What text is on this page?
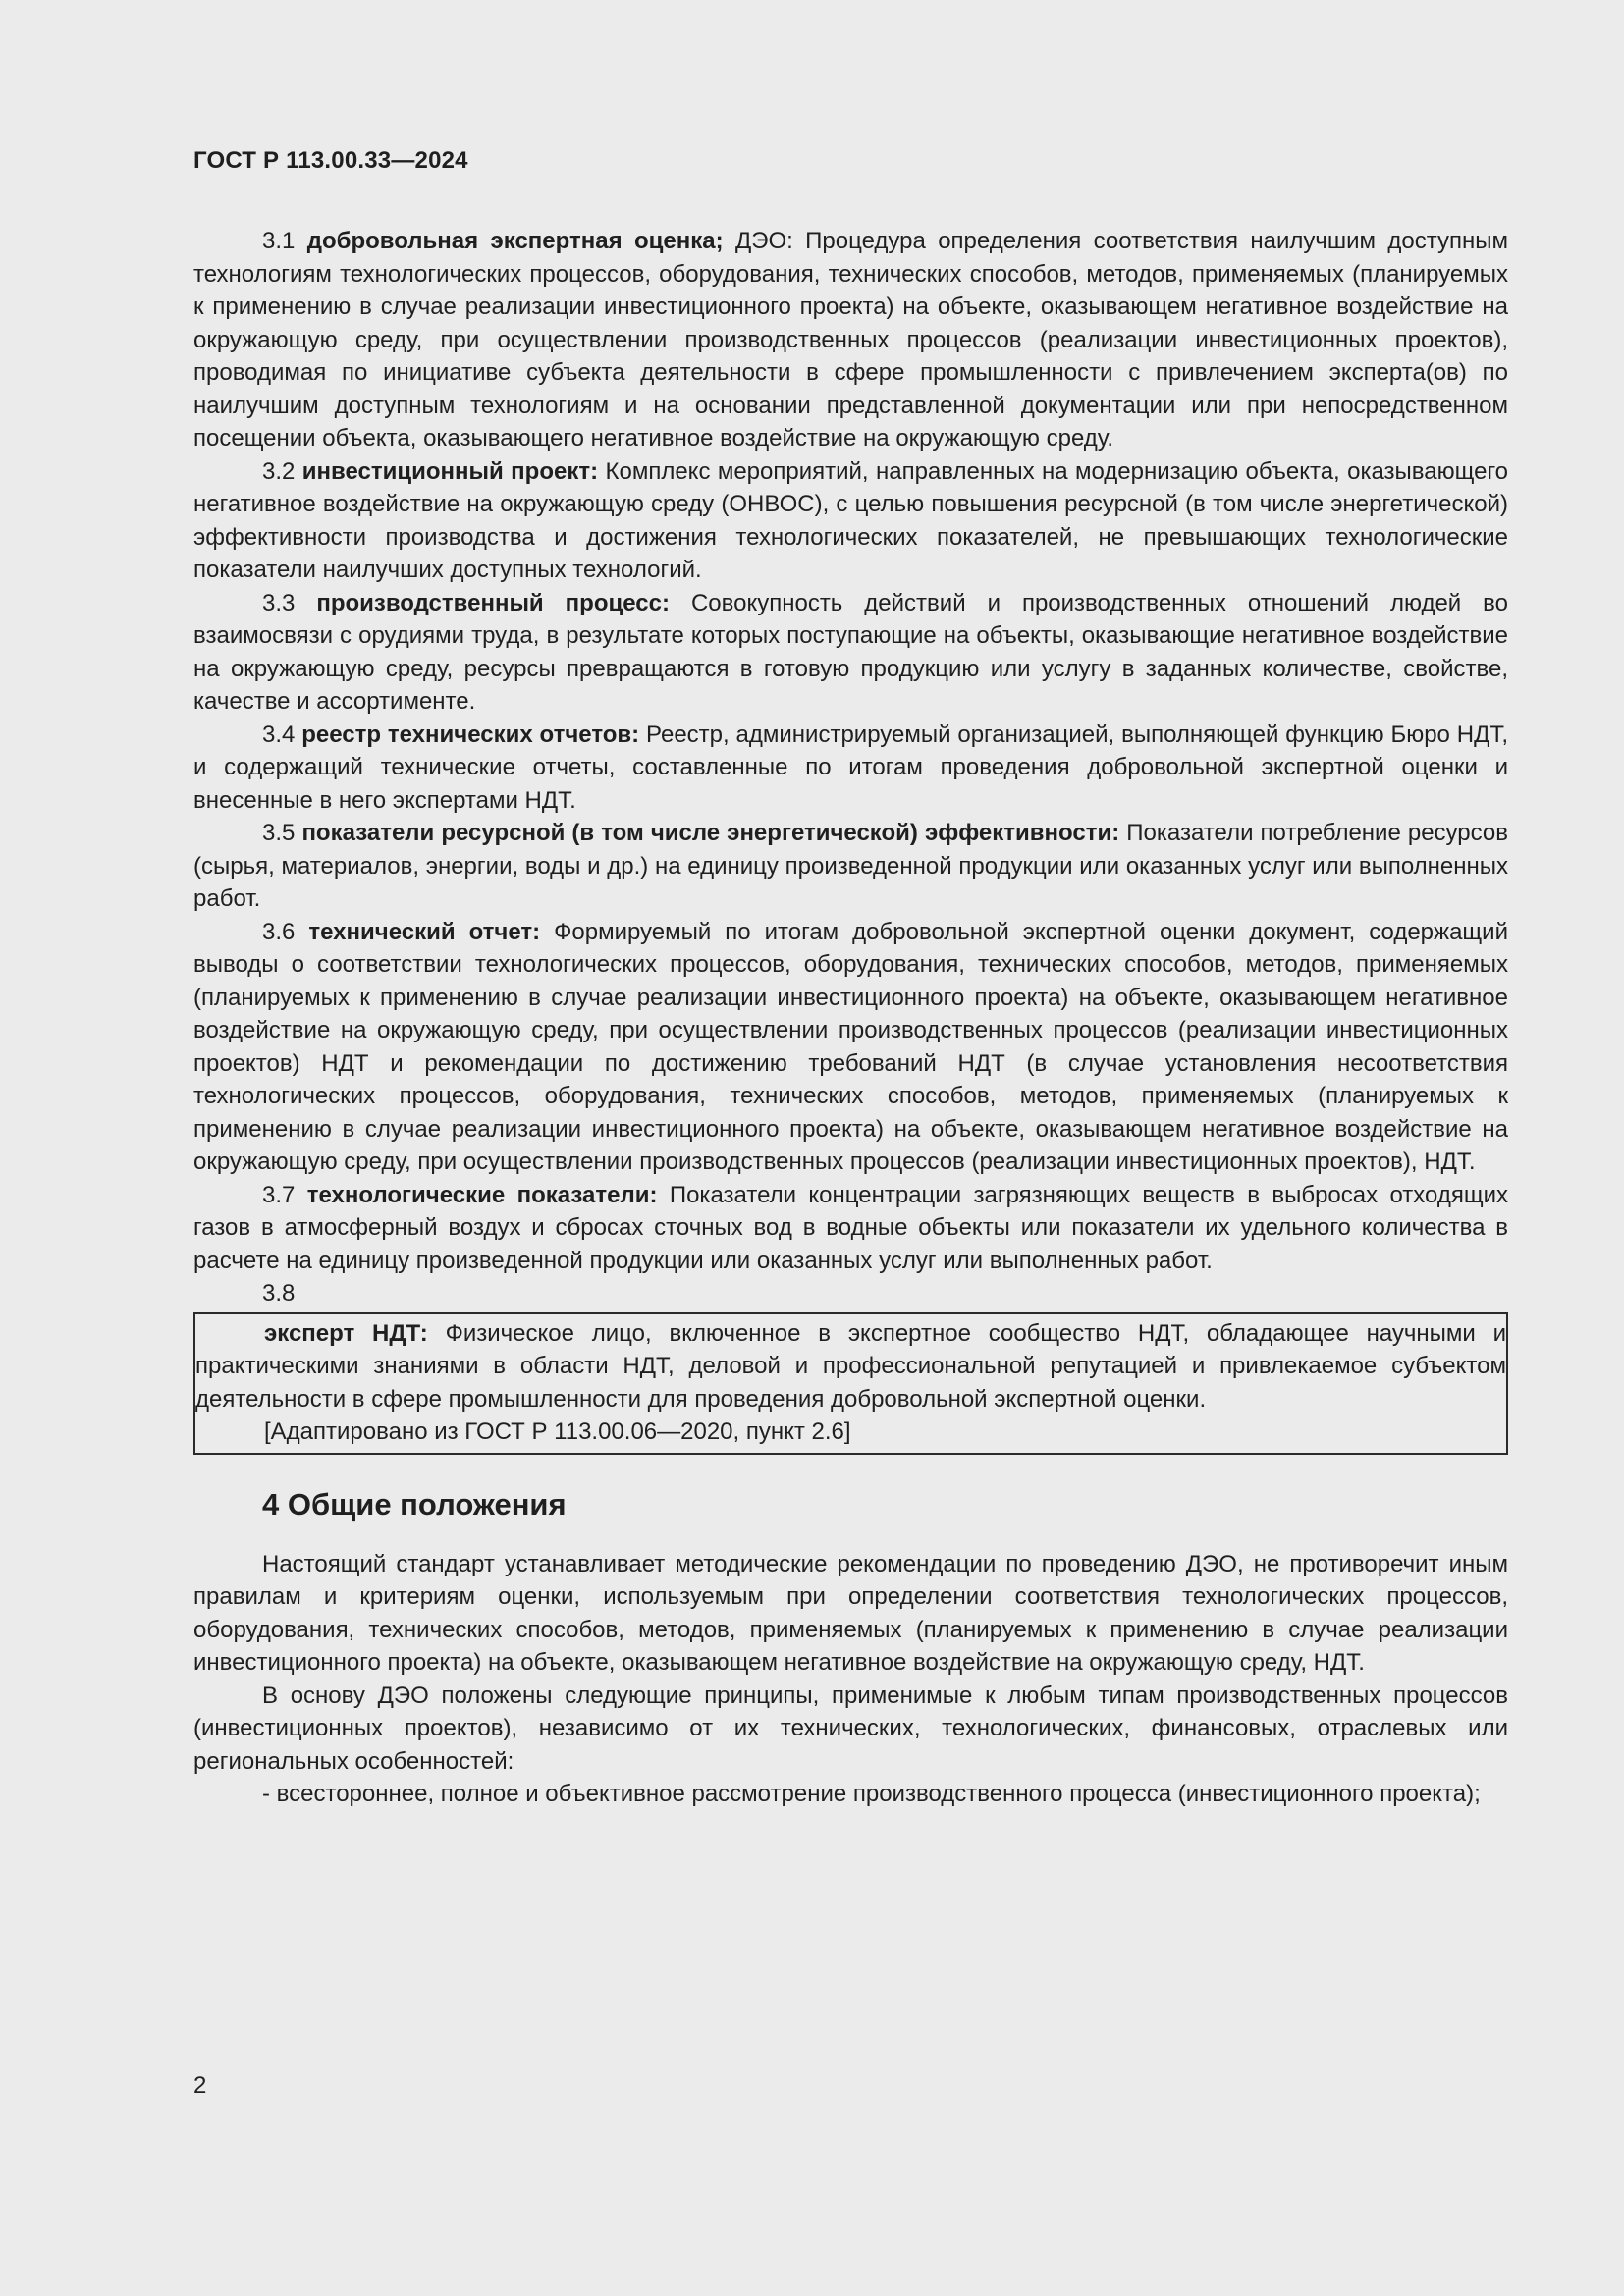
ГОСТ Р 113.00.33—2024

3.1 добровольная экспертная оценка; ДЭО: Процедура определения соответствия наилучшим доступным технологиям технологических процессов, оборудования, технических способов, методов, применяемых (планируемых к применению в случае реализации инвестиционного проекта) на объекте, оказывающем негативное воздействие на окружающую среду, при осуществлении производственных процессов (реализации инвестиционных проектов), проводимая по инициативе субъекта деятельности в сфере промышленности с привлечением эксперта(ов) по наилучшим доступным технологиям и на основании представленной документации или при непосредственном посещении объекта, оказывающего негативное воздействие на окружающую среду.

3.2 инвестиционный проект: Комплекс мероприятий, направленных на модернизацию объекта, оказывающего негативное воздействие на окружающую среду (ОНВОС), с целью повышения ресурсной (в том числе энергетической) эффективности производства и достижения технологических показателей, не превышающих технологические показатели наилучших доступных технологий.

3.3 производственный процесс: Совокупность действий и производственных отношений людей во взаимосвязи с орудиями труда, в результате которых поступающие на объекты, оказывающие негативное воздействие на окружающую среду, ресурсы превращаются в готовую продукцию или услугу в заданных количестве, свойстве, качестве и ассортименте.

3.4 реестр технических отчетов: Реестр, администрируемый организацией, выполняющей функцию Бюро НДТ, и содержащий технические отчеты, составленные по итогам проведения добровольной экспертной оценки и внесенные в него экспертами НДТ.

3.5 показатели ресурсной (в том числе энергетической) эффективности: Показатели потребление ресурсов (сырья, материалов, энергии, воды и др.) на единицу произведенной продукции или оказанных услуг или выполненных работ.

3.6 технический отчет: Формируемый по итогам добровольной экспертной оценки документ, содержащий выводы о соответствии технологических процессов, оборудования, технических способов, методов, применяемых (планируемых к применению в случае реализации инвестиционного проекта) на объекте, оказывающем негативное воздействие на окружающую среду, при осуществлении производственных процессов (реализации инвестиционных проектов) НДТ и рекомендации по достижению требований НДТ (в случае установления несоответствия технологических процессов, оборудования, технических способов, методов, применяемых (планируемых к применению в случае реализации инвестиционного проекта) на объекте, оказывающем негативное воздействие на окружающую среду, при осуществлении производственных процессов (реализации инвестиционных проектов), НДТ.

3.7 технологические показатели: Показатели концентрации загрязняющих веществ в выбросах отходящих газов в атмосферный воздух и сбросах сточных вод в водные объекты или показатели их удельного количества в расчете на единицу произведенной продукции или оказанных услуг или выполненных работ.

3.8

эксперт НДТ: Физическое лицо, включенное в экспертное сообщество НДТ, обладающее научными и практическими знаниями в области НДТ, деловой и профессиональной репутацией и привлекаемое субъектом деятельности в сфере промышленности для проведения добровольной экспертной оценки.

[Адаптировано из ГОСТ Р 113.00.06—2020, пункт 2.6]

4 Общие положения

Настоящий стандарт устанавливает методические рекомендации по проведению ДЭО, не противоречит иным правилам и критериям оценки, используемым при определении соответствия технологических процессов, оборудования, технических способов, методов, применяемых (планируемых к применению в случае реализации инвестиционного проекта) на объекте, оказывающем негативное воздействие на окружающую среду, НДТ.

В основу ДЭО положены следующие принципы, применимые к любым типам производственных процессов (инвестиционных проектов), независимо от их технических, технологических, финансовых, отраслевых или региональных особенностей:

- всестороннее, полное и объективное рассмотрение производственного процесса (инвестиционного проекта);

2
